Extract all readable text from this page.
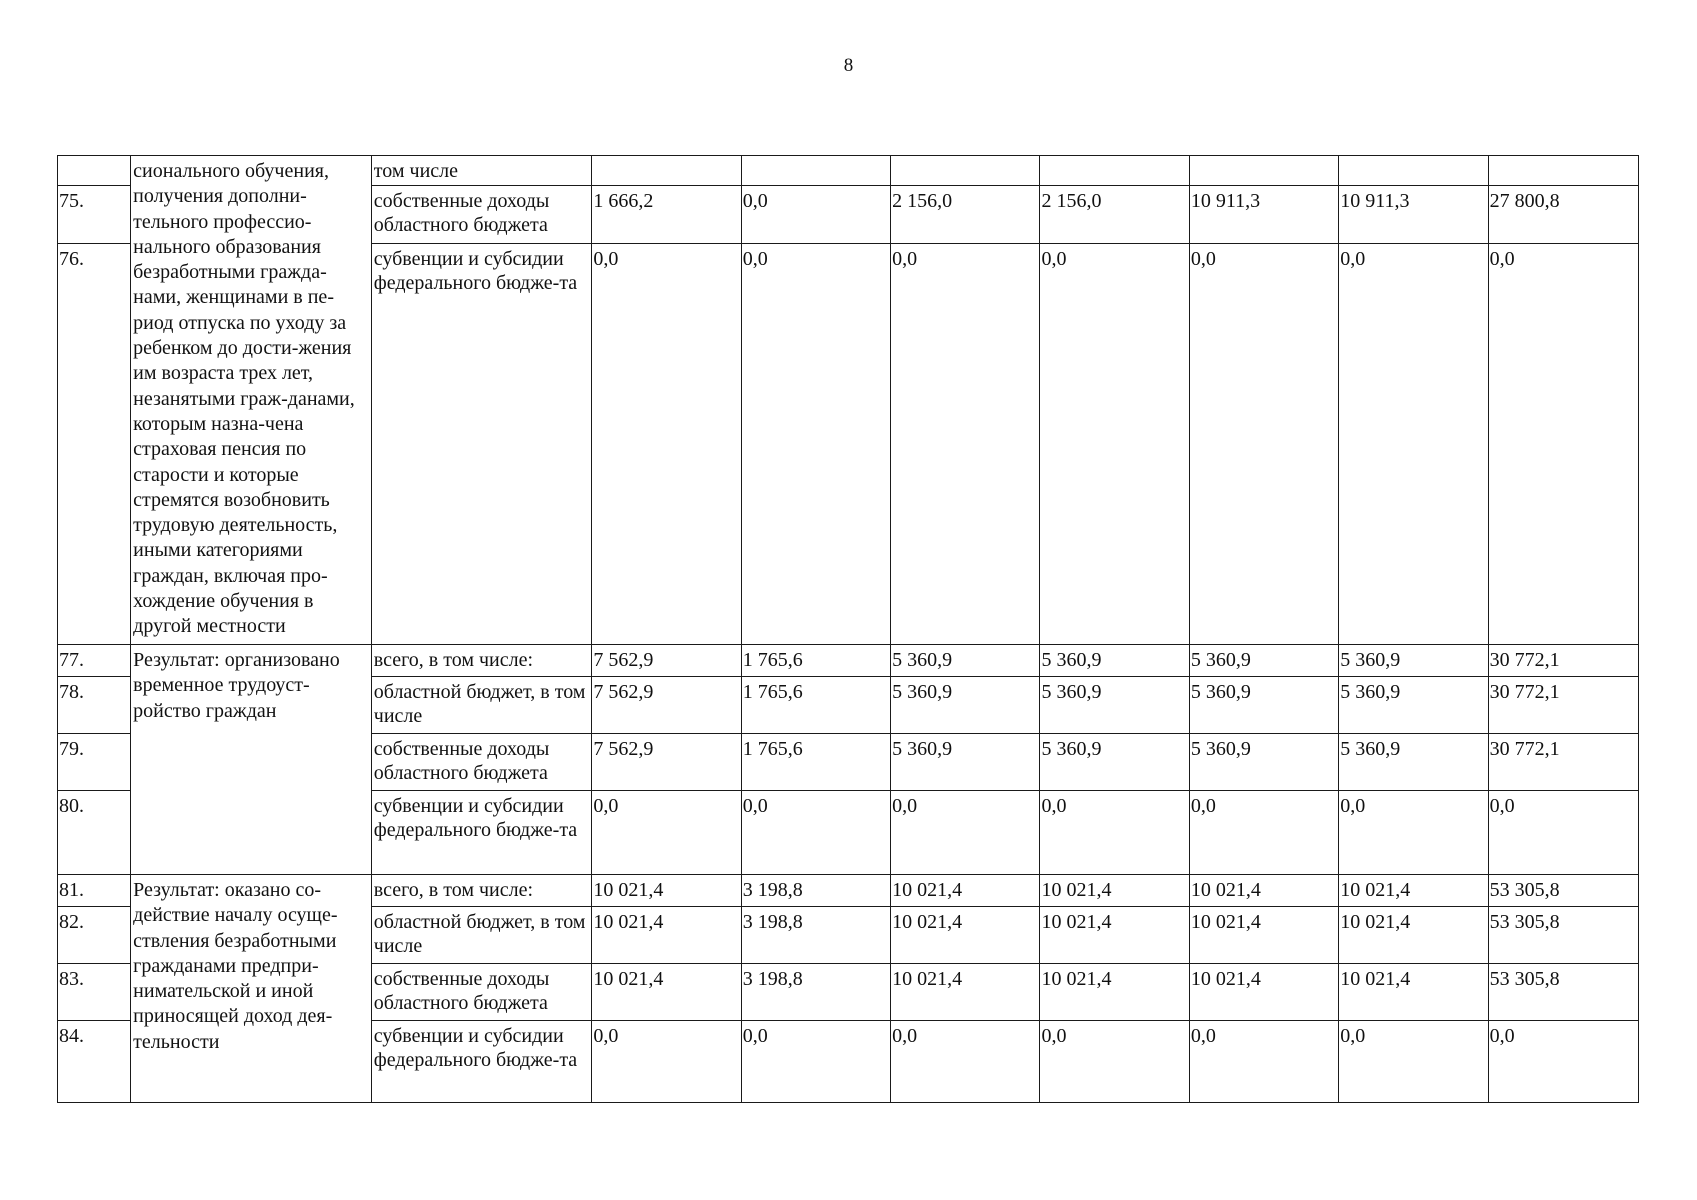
8
	сионального обучения, получения дополни-тельного профессио-нального образования безработными гражда-нами, женщинами в пе-риод отпуска по уходу за ребенком до дости-жения им возраста трех лет, незанятыми граж-данами, которым назна-чена страховая пенсия по старости и которые стремятся возобновить трудовую деятельность, иными категориями граждан, включая про-хождение обучения в другой местности	том числе							
75.		собственные доходы областного бюджета	1 666,2	0,0	2 156,0	2 156,0	10 911,3	10 911,3	27 800,8
76.		субвенции и субсидии федерального бюдже-та	0,0	0,0	0,0	0,0	0,0	0,0	0,0
77.	Результат: организовано временное трудоуст-ройство граждан	всего, в том числе:	7 562,9	1 765,6	5 360,9	5 360,9	5 360,9	5 360,9	30 772,1
78.		областной бюджет, в том числе	7 562,9	1 765,6	5 360,9	5 360,9	5 360,9	5 360,9	30 772,1
79.		собственные доходы областного бюджета	7 562,9	1 765,6	5 360,9	5 360,9	5 360,9	5 360,9	30 772,1
80.		субвенции и субсидии федерального бюдже-та	0,0	0,0	0,0	0,0	0,0	0,0	0,0
81.	Результат: оказано со-действие началу осуще-ствления безработными гражданами предпри-нимательской и иной приносящей доход дея-тельности	всего, в том числе:	10 021,4	3 198,8	10 021,4	10 021,4	10 021,4	10 021,4	53 305,8
82.		областной бюджет, в том числе	10 021,4	3 198,8	10 021,4	10 021,4	10 021,4	10 021,4	53 305,8
83.		собственные доходы областного бюджета	10 021,4	3 198,8	10 021,4	10 021,4	10 021,4	10 021,4	53 305,8
84.		субвенции и субсидии федерального бюдже-та	0,0	0,0	0,0	0,0	0,0	0,0	0,0
